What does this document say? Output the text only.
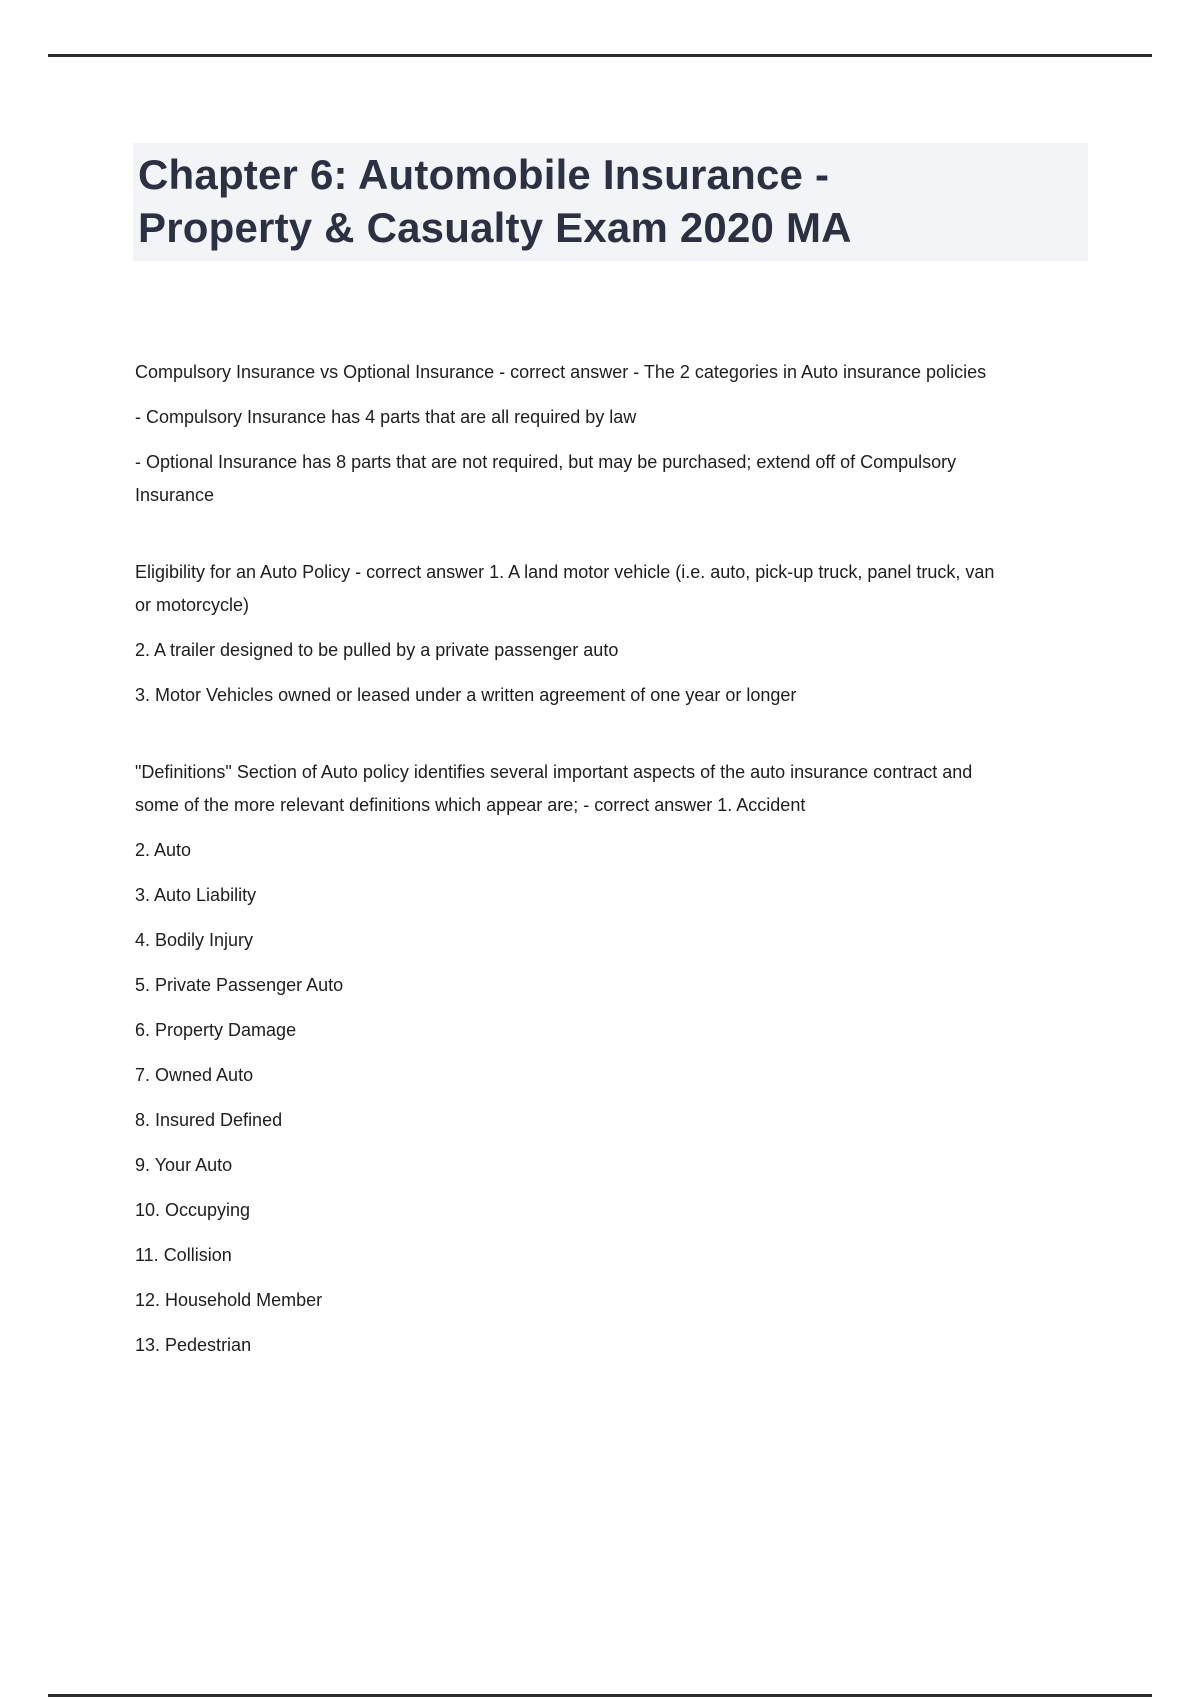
Chapter 6: Automobile Insurance -
Property & Casualty Exam 2020 MA

Compulsory Insurance vs Optional Insurance - correct answer - The 2 categories in Auto insurance policies

- Compulsory Insurance has 4 parts that are all required by law

- Optional Insurance has 8 parts that are not required, but may be purchased; extend off of Compulsory Insurance

Eligibility for an Auto Policy - correct answer 1. A land motor vehicle (i.e. auto, pick-up truck, panel truck, van or motorcycle)

2. A trailer designed to be pulled by a private passenger auto

3. Motor Vehicles owned or leased under a written agreement of one year or longer

"Definitions" Section of Auto policy identifies several important aspects of the auto insurance contract and some of the more relevant definitions which appear are; - correct answer 1. Accident

2. Auto

3. Auto Liability

4. Bodily Injury

5. Private Passenger Auto

6. Property Damage

7. Owned Auto

8. Insured Defined

9. Your Auto

10. Occupying

11. Collision

12. Household Member

13. Pedestrian
